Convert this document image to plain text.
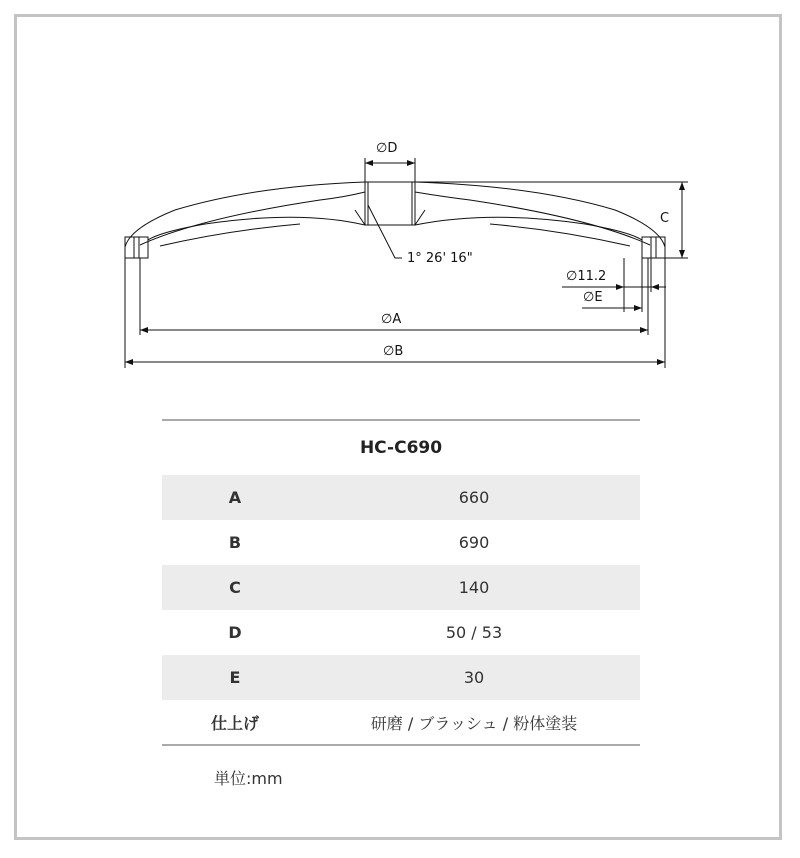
∅D
C
1° 26' 16"
∅11.2
∅E
∅A
∅B
HC-C690	
A	660
B	690
C	140
D	50 / 53
E	30
仕上げ	研磨 / ブラッシュ / 粉体塗装
単位:mm
